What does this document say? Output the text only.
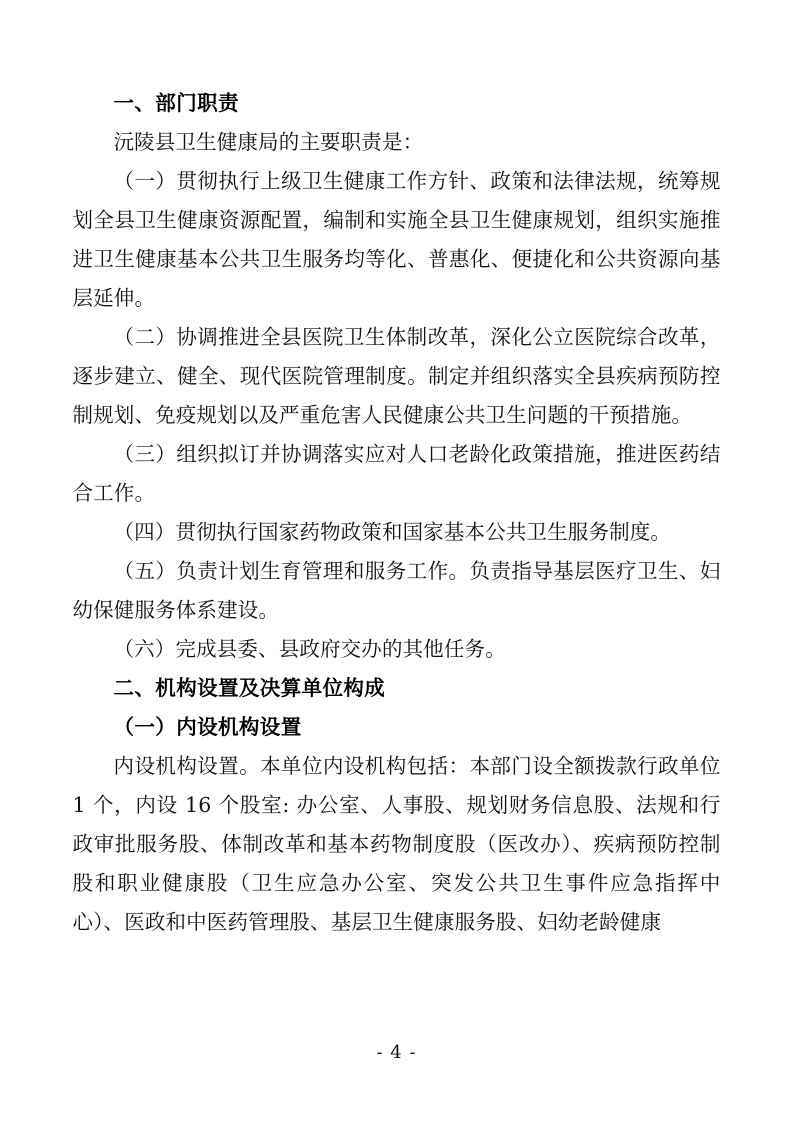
一、部门职责

沅陵县卫生健康局的主要职责是：

（一）贯彻执行上级卫生健康工作方针、政策和法律法规，统筹规划全县卫生健康资源配置，编制和实施全县卫生健康规划，组织实施推进卫生健康基本公共卫生服务均等化、普惠化、便捷化和公共资源向基层延伸。

（二）协调推进全县医院卫生体制改革，深化公立医院综合改革，逐步建立、健全、现代医院管理制度。制定并组织落实全县疾病预防控制规划、免疫规划以及严重危害人民健康公共卫生问题的干预措施。

（三）组织拟订并协调落实应对人口老龄化政策措施，推进医药结合工作。

（四）贯彻执行国家药物政策和国家基本公共卫生服务制度。

（五）负责计划生育管理和服务工作。负责指导基层医疗卫生、妇幼保健服务体系建设。

（六）完成县委、县政府交办的其他任务。

二、机构设置及决算单位构成
（一）内设机构设置

内设机构设置。本单位内设机构包括：本部门设全额拨款行政单位 1 个，内设 16 个股室: 办公室、人事股、规划财务信息股、法规和行政审批服务股、体制改革和基本药物制度股（医改办）、疾病预防控制股和职业健康股（卫生应急办公室、突发公共卫生事件应急指挥中心）、医政和中医药管理股、基层卫生健康服务股、妇幼老龄健康

- 4 -
